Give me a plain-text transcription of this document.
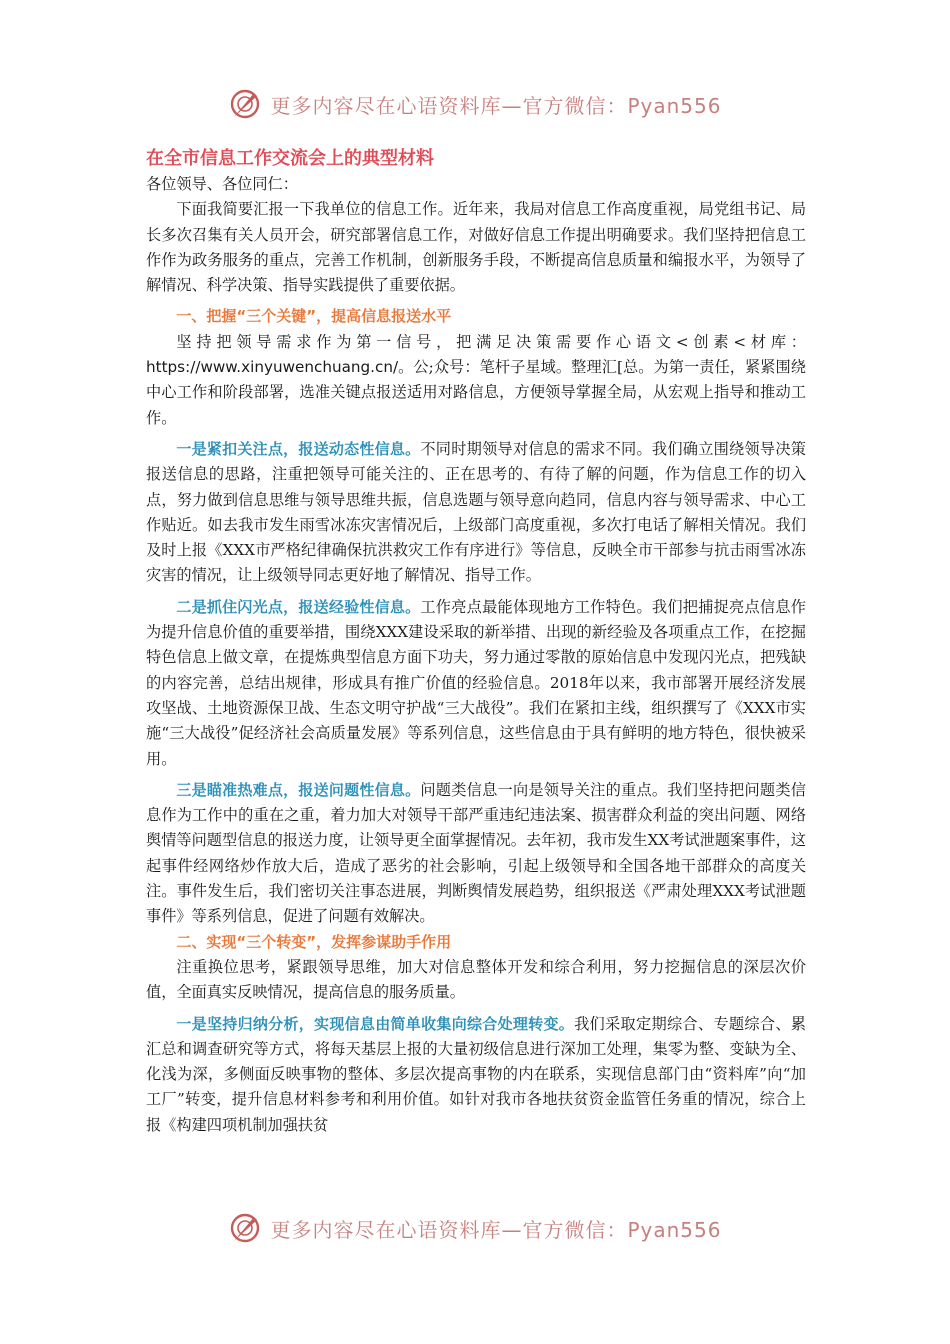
更多内容尽在心语资料库—官方微信：Pyan556
在全市信息工作交流会上的典型材料

各位领导、各位同仁：

下面我简要汇报一下我单位的信息工作。近年来，我局对信息工作高度重视，局党组书记、局长多次召集有关人员开会，研究部署信息工作，对做好信息工作提出明确要求。我们坚持把信息工作作为政务服务的重点，完善工作机制，创新服务手段，不断提高信息质量和编报水平，为领导了解情况、科学决策、指导实践提供了重要依据。

一、把握“三个关键”，提高信息报送水平

坚持把领导需求作为第一信号，把满足决策需要作心语文<创素<材库：https://www.xinyuwenchuang.cn/。公;众号：笔杆子星域。整理汇[总。为第一责任，紧紧围绕中心工作和阶段部署，选准关键点报送适用对路信息，方便领导掌握全局，从宏观上指导和推动工作。

一是紧扣关注点，报送动态性信息。不同时期领导对信息的需求不同。我们确立围绕领导决策报送信息的思路，注重把领导可能关注的、正在思考的、有待了解的问题，作为信息工作的切入点，努力做到信息思维与领导思维共振，信息选题与领导意向趋同，信息内容与领导需求、中心工作贴近。如去我市发生雨雪冰冻灾害情况后，上级部门高度重视，多次打电话了解相关情况。我们及时上报《XXX市严格纪律确保抗洪救灾工作有序进行》等信息，反映全市干部参与抗击雨雪冰冻灾害的情况，让上级领导同志更好地了解情况、指导工作。

二是抓住闪光点，报送经验性信息。工作亮点最能体现地方工作特色。我们把捕捉亮点信息作为提升信息价值的重要举措，围绕XXX建设采取的新举措、出现的新经验及各项重点工作，在挖掘特色信息上做文章，在提炼典型信息方面下功夫，努力通过零散的原始信息中发现闪光点，把残缺的内容完善，总结出规律，形成具有推广价值的经验信息。2018年以来，我市部署开展经济发展攻坚战、土地资源保卫战、生态文明守护战“三大战役”。我们在紧扣主线，组织撰写了《XXX市实施“三大战役”促经济社会高质量发展》等系列信息，这些信息由于具有鲜明的地方特色，很快被采用。

三是瞄准热难点，报送问题性信息。问题类信息一向是领导关注的重点。我们坚持把问题类信息作为工作中的重在之重，着力加大对领导干部严重违纪违法案、损害群众利益的突出问题、网络舆情等问题型信息的报送力度，让领导更全面掌握情况。去年初，我市发生XX考试泄题案事件，这起事件经网络炒作放大后，造成了恶劣的社会影响，引起上级领导和全国各地干部群众的高度关注。事件发生后，我们密切关注事态进展，判断舆情发展趋势，组织报送《严肃处理XXX考试泄题事件》等系列信息，促进了问题有效解决。

二、实现“三个转变”，发挥参谋助手作用

注重换位思考，紧跟领导思维，加大对信息整体开发和综合利用，努力挖掘信息的深层次价值，全面真实反映情况，提高信息的服务质量。

一是坚持归纳分析，实现信息由简单收集向综合处理转变。我们采取定期综合、专题综合、累汇总和调查研究等方式，将每天基层上报的大量初级信息进行深加工处理，集零为整、变缺为全、化浅为深，多侧面反映事物的整体、多层次提高事物的内在联系，实现信息部门由“资料库”向“加工厂”转变，提升信息材料参考和利用价值。如针对我市各地扶贫资金监管任务重的情况，综合上报《构建四项机制加强扶贫

更多内容尽在心语资料库—官方微信：Pyan556
